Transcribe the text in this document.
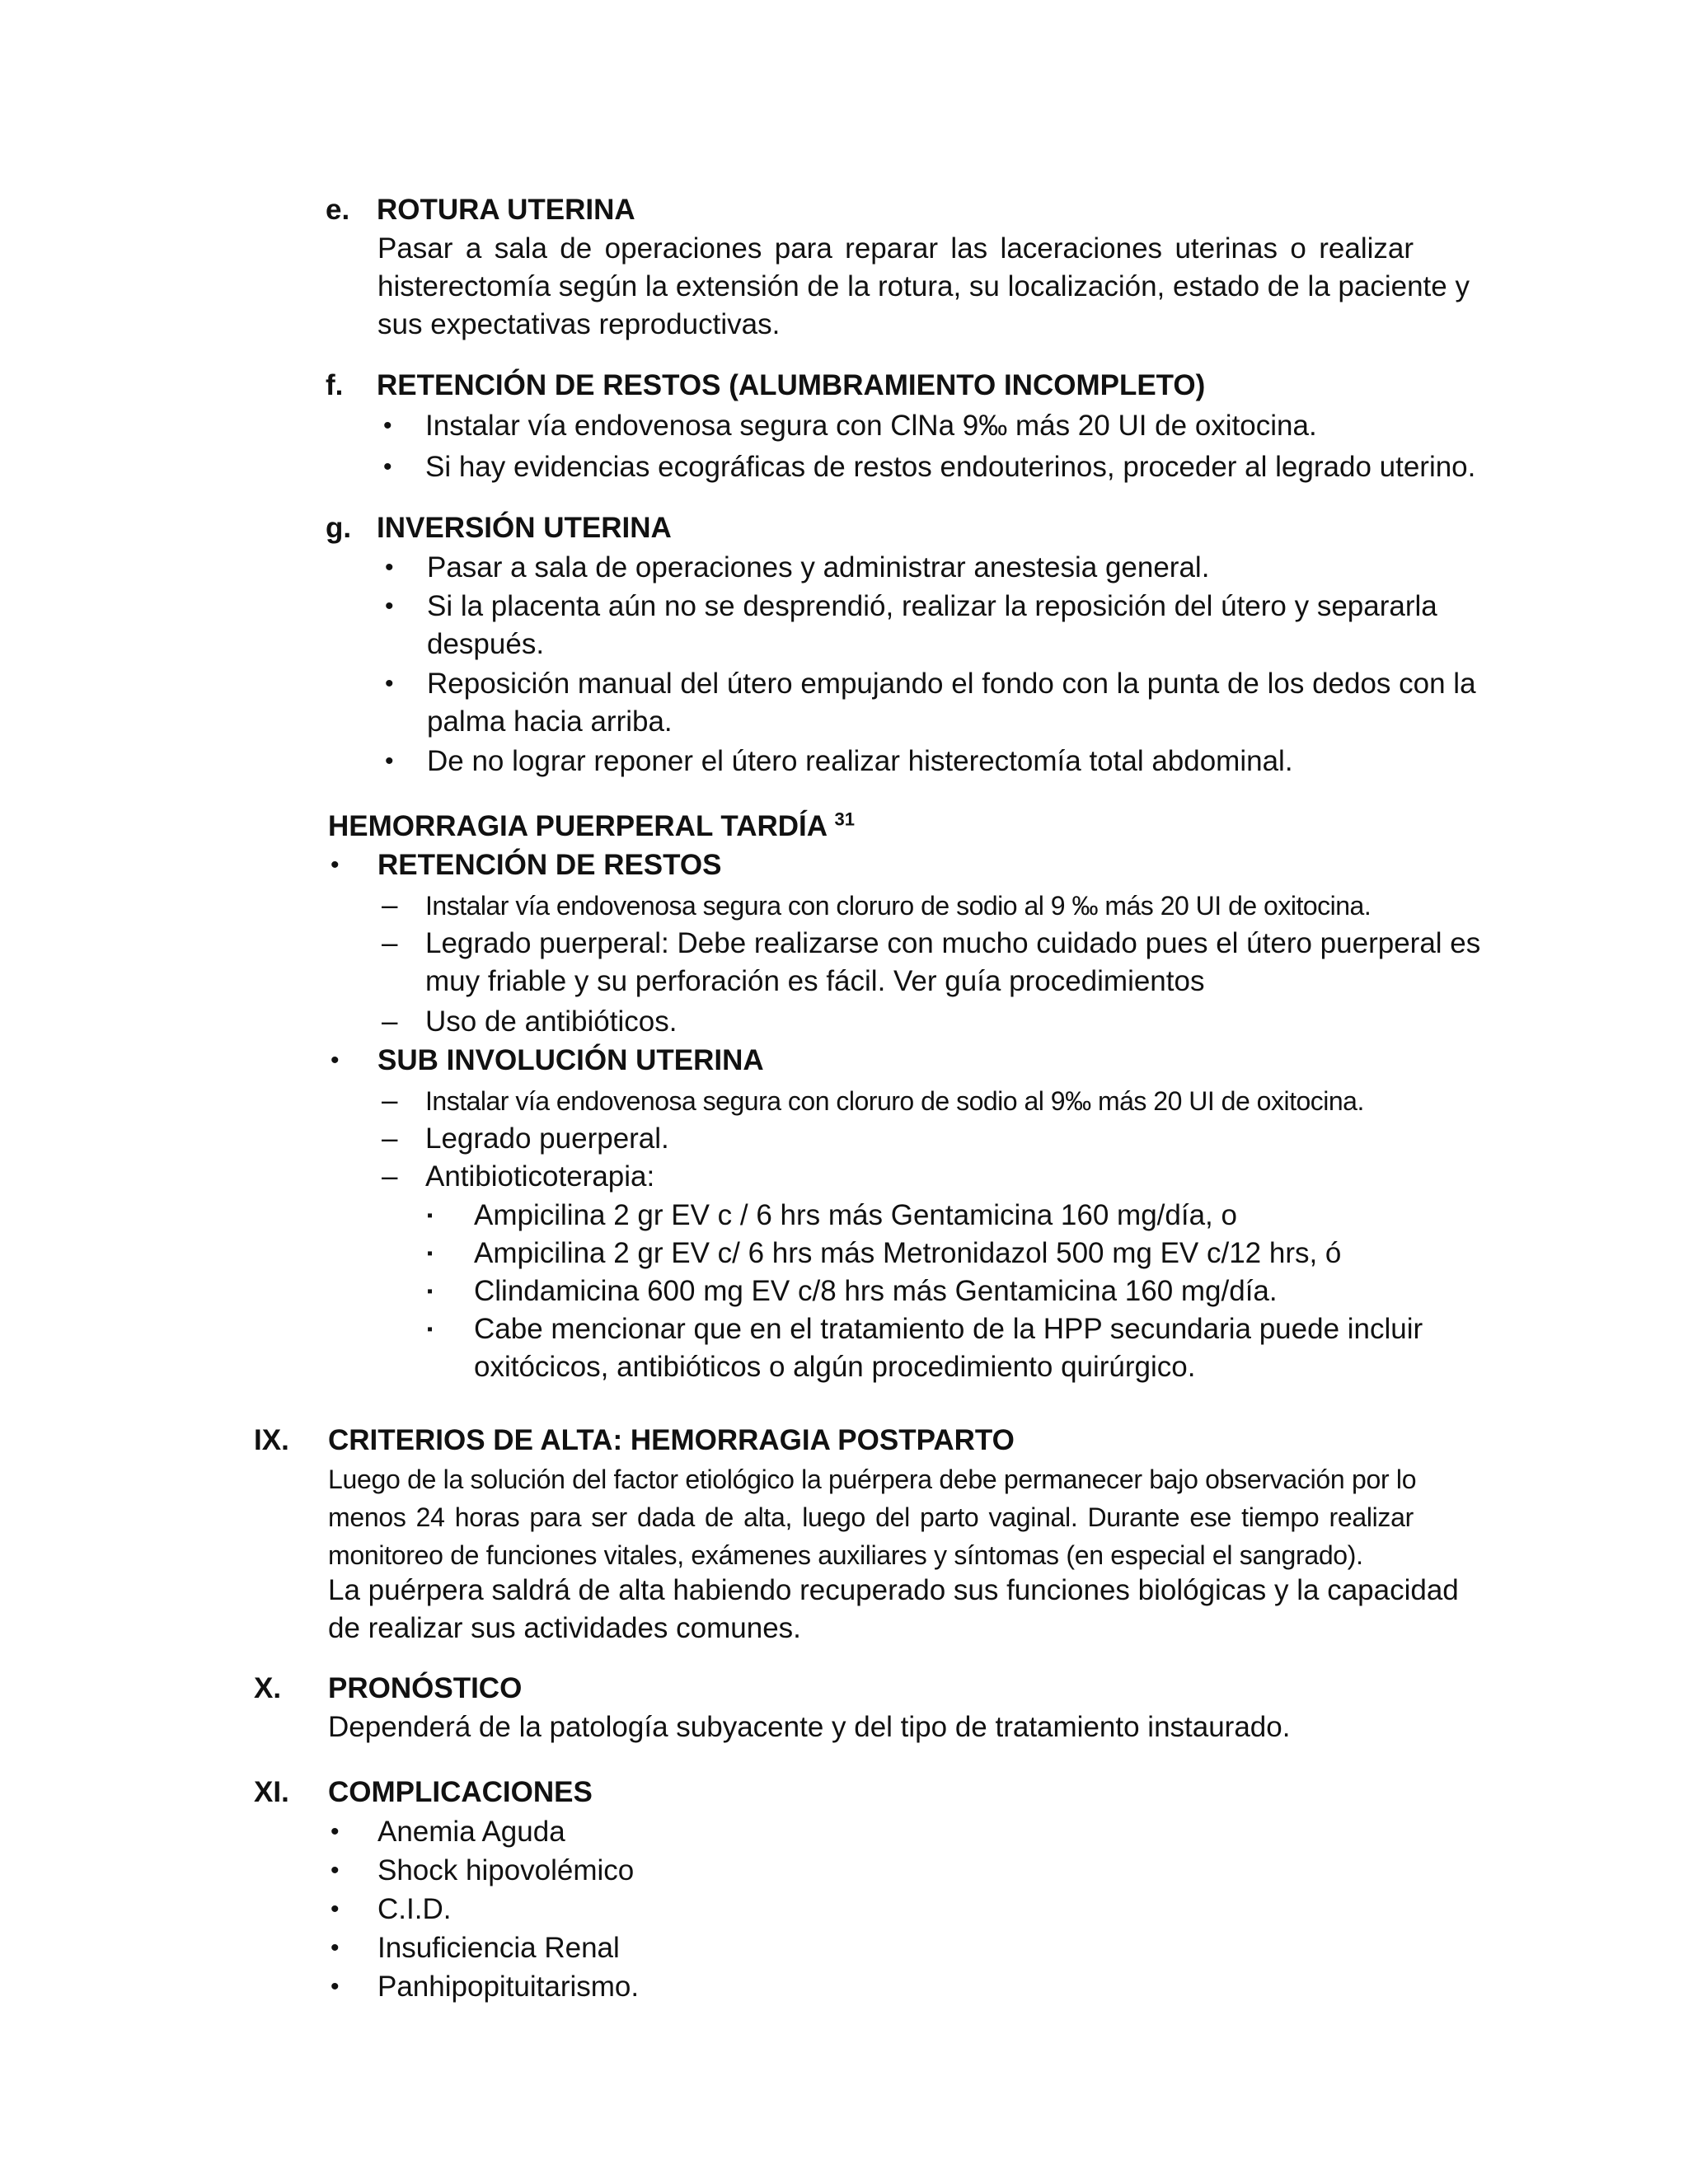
e. ROTURA UTERINA
Pasar a sala de operaciones para reparar las laceraciones uterinas o realizar
histerectomía según la extensión de la rotura, su localización, estado de la paciente y
sus expectativas reproductivas.
f. RETENCIÓN DE RESTOS (ALUMBRAMIENTO INCOMPLETO)
• Instalar vía endovenosa segura con ClNa 9‰ más 20 UI de oxitocina.
• Si hay evidencias ecográficas de restos endouterinos, proceder al legrado uterino.
g. INVERSIÓN UTERINA
• Pasar a sala de operaciones y administrar anestesia general.
• Si la placenta aún no se desprendió, realizar la reposición del útero y separarla
después.
• Reposición manual del útero empujando el fondo con la punta de los dedos con la
palma hacia arriba.
• De no lograr reponer el útero realizar histerectomía total abdominal.
HEMORRAGIA PUERPERAL TARDÍA $^{31}$
• RETENCIÓN DE RESTOS
– Instalar vía endovenosa segura con cloruro de sodio al 9 ‰ más 20 UI de oxitocina.
– Legrado puerperal: Debe realizarse con mucho cuidado pues el útero puerperal es
muy friable y su perforación es fácil. Ver guía procedimientos
– Uso de antibióticos.
• SUB INVOLUCIÓN UTERINA
– Instalar vía endovenosa segura con cloruro de sodio al 9‰ más 20 UI de oxitocina.
– Legrado puerperal.
– Antibioticoterapia:
▪ Ampicilina 2 gr EV c / 6 hrs más Gentamicina 160 mg/día, o
▪ Ampicilina 2 gr EV c/ 6 hrs más Metronidazol 500 mg EV c/12 hrs, ó
▪ Clindamicina 600 mg EV c/8 hrs más Gentamicina 160 mg/día.
▪ Cabe mencionar que en el tratamiento de la HPP secundaria puede incluir
oxitócicos, antibióticos o algún procedimiento quirúrgico.
IX. CRITERIOS DE ALTA: HEMORRAGIA POSTPARTO
Luego de la solución del factor etiológico la puérpera debe permanecer bajo observación por lo
menos 24 horas para ser dada de alta, luego del parto vaginal. Durante ese tiempo realizar
monitoreo de funciones vitales, exámenes auxiliares y síntomas (en especial el sangrado).
La puérpera saldrá de alta habiendo recuperado sus funciones biológicas y la capacidad
de realizar sus actividades comunes.
X. PRONÓSTICO
Dependerá de la patología subyacente y del tipo de tratamiento instaurado.
XI. COMPLICACIONES
• Anemia Aguda
• Shock hipovolémico
• C.I.D.
• Insuficiencia Renal
• Panhipopituitarismo.
